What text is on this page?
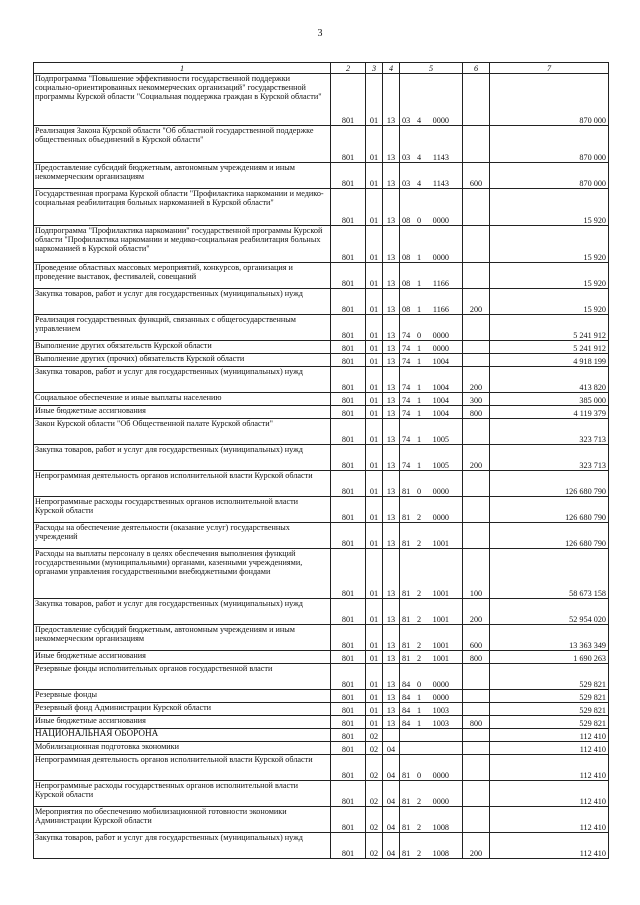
3
1	2	3	4	5	6	7

Подпрограмма "Повышение эффективности государственной поддержки социально-ориентированных некоммерческих организаций" государственной программы Курской области "Социальная поддержка граждан в Курской области"	801	01	13	03 4 0000		870 000

Реализация Закона Курской области "Об областной государственной поддержке общественных объединений в Курской области"	801	01	13	03 4 1143		870 000

Предоставление субсидий бюджетным, автономным учреждениям и иным некоммерческим организациям	801	01	13	03 4 1143	600	870 000

Государственная програма Курской области "Профилактика наркомании и медико-социальная реабилитация больных наркоманией в Курской области"	801	01	13	08 0 0000		15 920

Подпрограмма "Профилактика наркомании" государственной программы Курской области "Профилактика наркомании и медико-социальная реабилитация больных наркоманией в Курской области"	801	01	13	08 1 0000		15 920

Проведение областных массовых мероприятий, конкурсов, организация и проведение выставок, фестивалей, совещаний	801	01	13	08 1 1166		15 920

Закупка товаров, работ и услуг для государственных (муниципальных) нужд	801	01	13	08 1 1166	200	15 920

Реализация государственных функций, связанных с общегосударственным управлением	801	01	13	74 0 0000		5 241 912

Выполнение других обязательств Курской области	801	01	13	74 1 0000		5 241 912

Выполнение других (прочих) обязательств Курской области	801	01	13	74 1 1004		4 918 199

Закупка товаров, работ и услуг для государственных (муниципальных) нужд	801	01	13	74 1 1004	200	413 820

Социальное обеспечение и иные выплаты населению	801	01	13	74 1 1004	300	385 000

Иные бюджетные ассигнования	801	01	13	74 1 1004	800	4 119 379

Закон Курской области "Об Общественной палате Курской области"	801	01	13	74 1 1005		323 713

Закупка товаров, работ и услуг для государственных (муниципальных) нужд	801	01	13	74 1 1005	200	323 713

Непрограммная деятельность органов исполнительной власти Курской области	801	01	13	81 0 0000		126 680 790

Непрограммные расходы государственных органов исполнительной власти Курской области	801	01	13	81 2 0000		126 680 790

Расходы на обеспечение деятельности (оказание услуг) государственных учреждений	801	01	13	81 2 1001		126 680 790

Расходы на выплаты персоналу в целях обеспечения выполнения функций государственными (муниципальными) органами, казенными учреждениями, органами управления государственными внебюджетными фондами	801	01	13	81 2 1001	100	58 673 158

Закупка товаров, работ и услуг для государственных (муниципальных) нужд	801	01	13	81 2 1001	200	52 954 020

Предоставление субсидий бюджетным, автономным учреждениям и иным некоммерческим организациям	801	01	13	81 2 1001	600	13 363 349

Иные бюджетные ассигнования	801	01	13	81 2 1001	800	1 690 263

Резервные фонды исполнительных органов государственной власти	801	01	13	84 0 0000		529 821

Резервные фонды	801	01	13	84 1 0000		529 821

Резервный фонд Администрации Курской области	801	01	13	84 1 1003		529 821

Иные бюджетные ассигнования	801	01	13	84 1 1003	800	529 821

НАЦИОНАЛЬНАЯ ОБОРОНА	801	02				112 410

Мобилизационная подготовка экономики	801	02	04			112 410

Непрограммная деятельность органов исполнительной власти Курской области	801	02	04	81 0 0000		112 410

Непрограммные расходы государственных органов исполнительной власти Курской области	801	02	04	81 2 0000		112 410

Мероприятия по обеспечению мобилизационной готовности экономики Администрации Курской области	801	02	04	81 2 1008		112 410

Закупка товаров, работ и услуг для государственных (муниципальных) нужд	801	02	04	81 2 1008	200	112 410
